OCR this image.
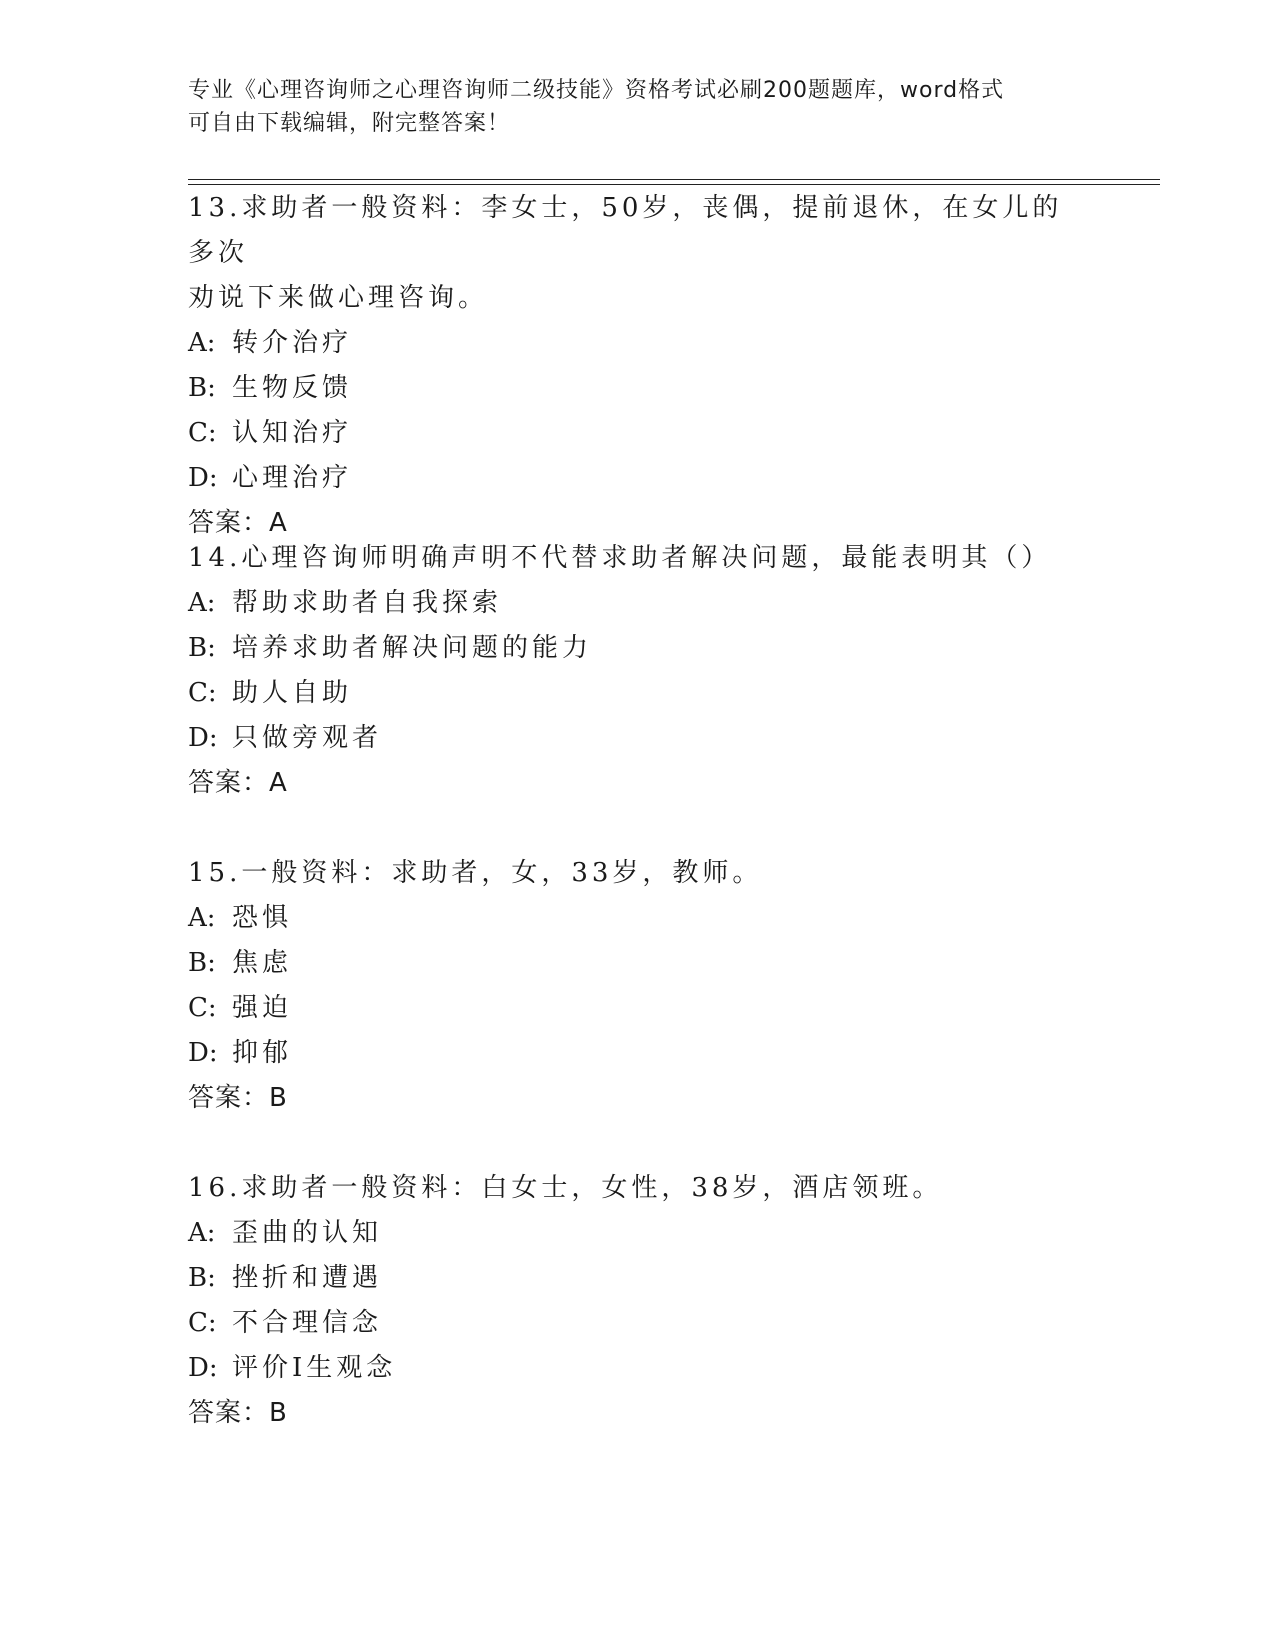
专业《心理咨询师之心理咨询师二级技能》资格考试必刷200题题库，word格式
可自由下载编辑，附完整答案！

13.求助者一般资料：李女士，50岁，丧偶，提前退休，在女儿的多次

劝说下来做心理咨询。

A: 转介治疗

B: 生物反馈

C: 认知治疗

D: 心理治疗

答案：A

14.心理咨询师明确声明不代替求助者解决问题，最能表明其（）

A: 帮助求助者自我探索

B: 培养求助者解决问题的能力

C: 助人自助

D: 只做旁观者

答案：A

15.一般资料：求助者，女，33岁，教师。

A: 恐惧

B: 焦虑

C: 强迫

D: 抑郁

答案：B

16.求助者一般资料：白女士，女性，38岁，酒店领班。

A: 歪曲的认知

B: 挫折和遭遇

C: 不合理信念

D: 评价Ⅰ生观念

答案：B
